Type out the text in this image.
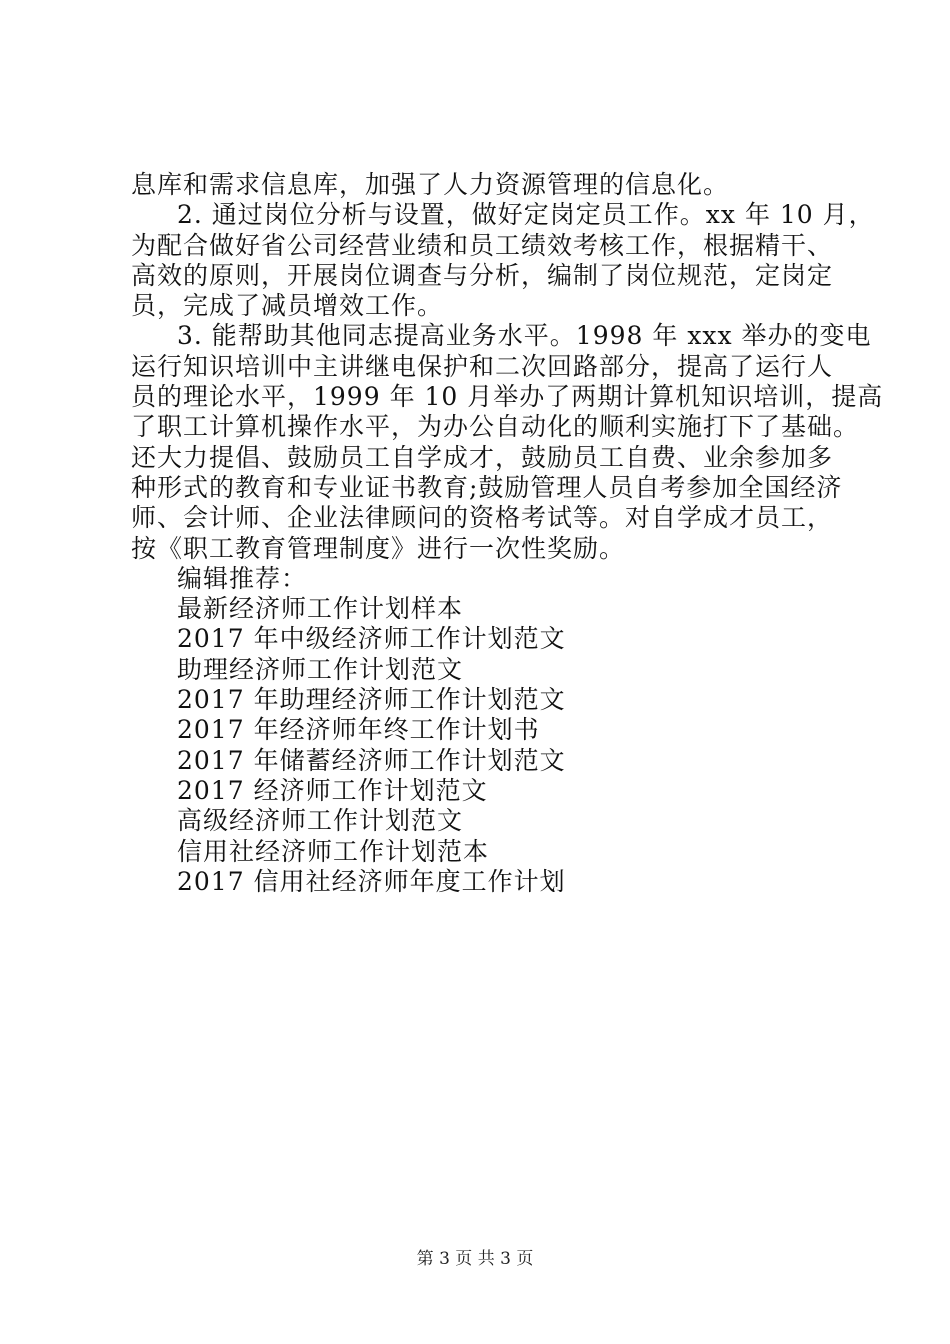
息库和需求信息库，加强了人力资源管理的信息化。
2. 通过岗位分析与设置，做好定岗定员工作。xx 年 10 月，
为配合做好省公司经营业绩和员工绩效考核工作，根据精干、
高效的原则，开展岗位调查与分析，编制了岗位规范，定岗定
员，完成了减员增效工作。
3. 能帮助其他同志提高业务水平。1998 年 xxx 举办的变电
运行知识培训中主讲继电保护和二次回路部分，提高了运行人
员的理论水平，1999 年 10 月举办了两期计算机知识培训，提高
了职工计算机操作水平，为办公自动化的顺利实施打下了基础。
还大力提倡、鼓励员工自学成才，鼓励员工自费、业余参加多
种形式的教育和专业证书教育;鼓励管理人员自考参加全国经济
师、会计师、企业法律顾问的资格考试等。对自学成才员工，
按《职工教育管理制度》进行一次性奖励。
编辑推荐：
最新经济师工作计划样本
2017 年中级经济师工作计划范文
助理经济师工作计划范文
2017 年助理经济师工作计划范文
2017 年经济师年终工作计划书
2017 年储蓄经济师工作计划范文
2017 经济师工作计划范文
高级经济师工作计划范文
信用社经济师工作计划范本
2017 信用社经济师年度工作计划
第 3 页 共 3 页
